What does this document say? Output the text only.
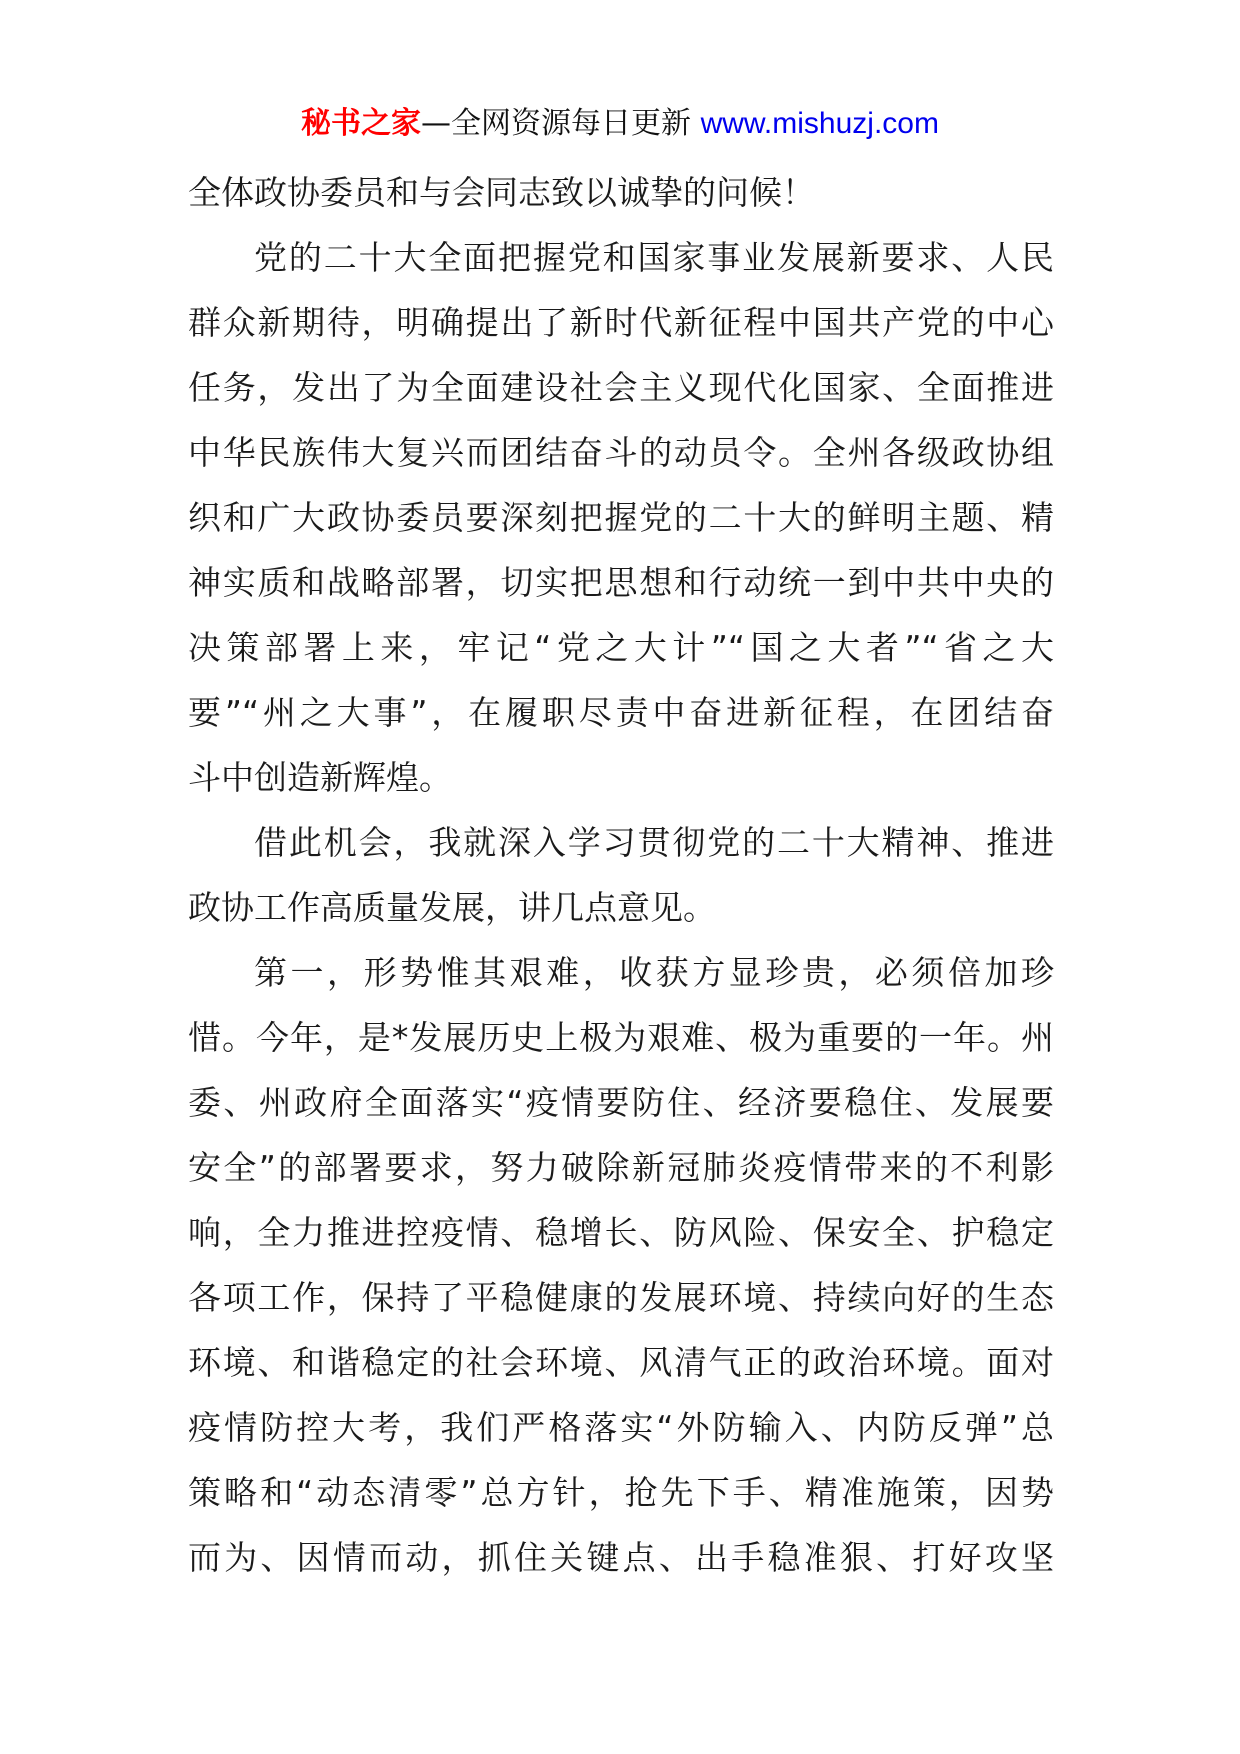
秘书之家—全网资源每日更新 www.mishuzj.com
全体政协委员和与会同志致以诚挚的问候！
党的二十大全面把握党和国家事业发展新要求、人民
群众新期待，明确提出了新时代新征程中国共产党的中心
任务，发出了为全面建设社会主义现代化国家、全面推进
中华民族伟大复兴而团结奋斗的动员令。全州各级政协组
织和广大政协委员要深刻把握党的二十大的鲜明主题、精
神实质和战略部署，切实把思想和行动统一到中共中央的
决策部署上来，牢记“党之大计”“国之大者”“省之大
要”“州之大事”，在履职尽责中奋进新征程，在团结奋
斗中创造新辉煌。
借此机会，我就深入学习贯彻党的二十大精神、推进
政协工作高质量发展，讲几点意见。
第一，形势惟其艰难，收获方显珍贵，必须倍加珍
惜。今年，是*发展历史上极为艰难、极为重要的一年。州
委、州政府全面落实“疫情要防住、经济要稳住、发展要
安全”的部署要求，努力破除新冠肺炎疫情带来的不利影
响，全力推进控疫情、稳增长、防风险、保安全、护稳定
各项工作，保持了平稳健康的发展环境、持续向好的生态
环境、和谐稳定的社会环境、风清气正的政治环境。面对
疫情防控大考，我们严格落实“外防输入、内防反弹”总
策略和“动态清零”总方针，抢先下手、精准施策，因势
而为、因情而动，抓住关键点、出手稳准狠、打好攻坚
